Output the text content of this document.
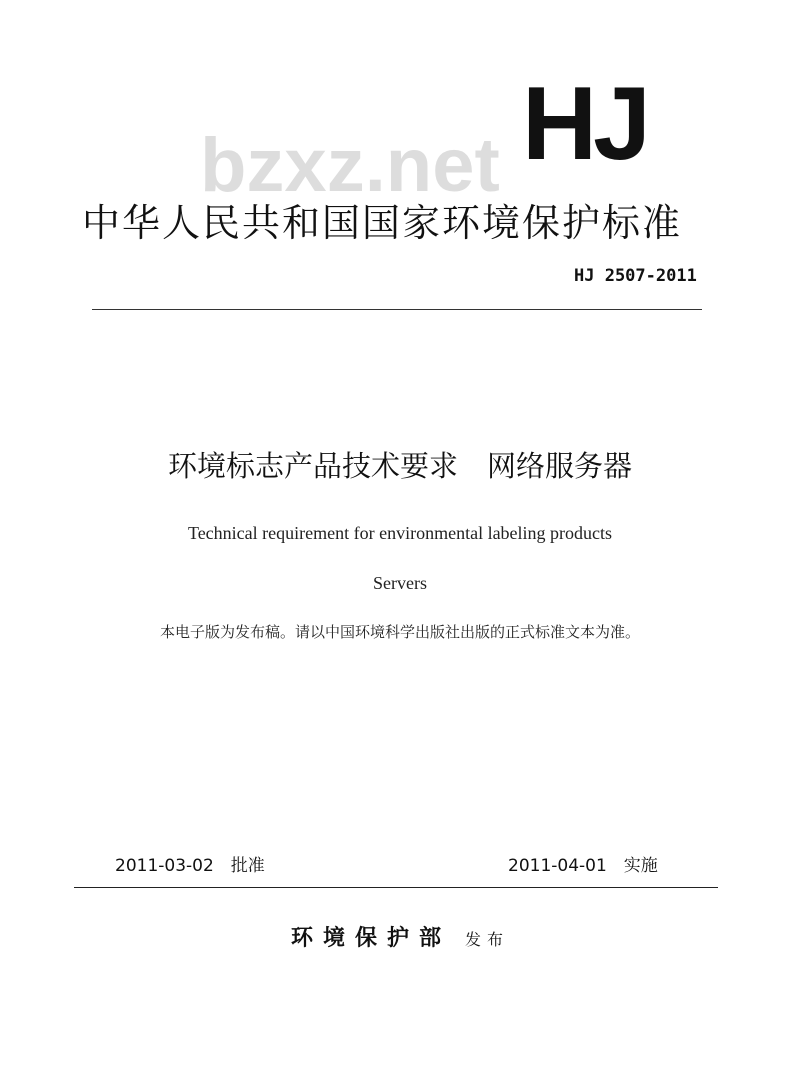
HJ
bzxz.net
中华人民共和国国家环境保护标准
HJ 2507-2011
环境标志产品技术要求　网络服务器
Technical requirement for environmental labeling products
Servers
本电子版为发布稿。请以中国环境科学出版社出版的正式标准文本为准。
2011-03-02　批准	2011-04-01　实施
环境保护部 发布
